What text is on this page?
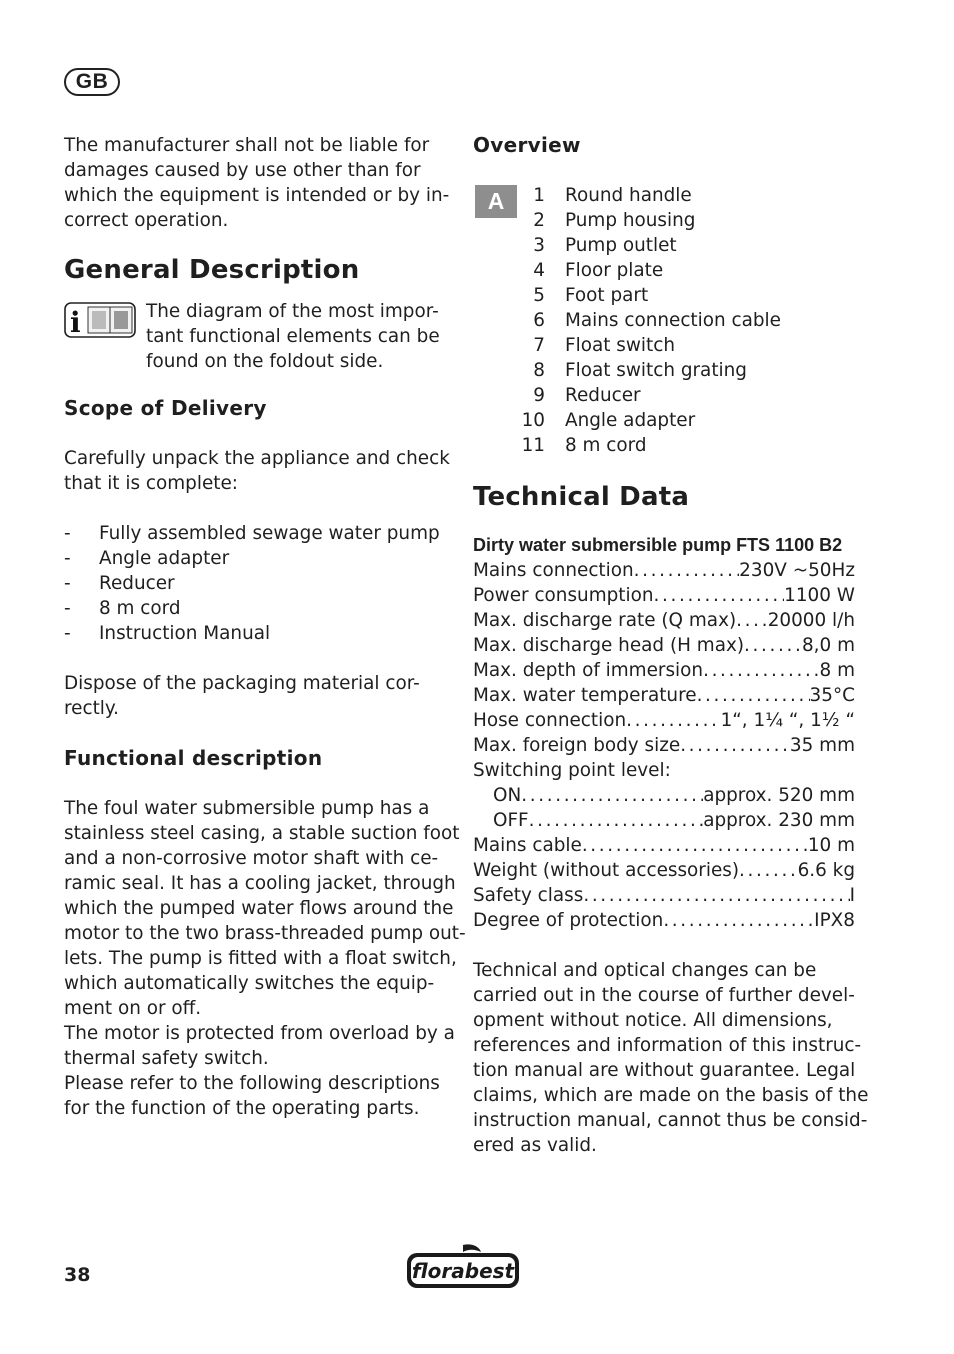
GB

The manufacturer shall not be liable for

damages caused by use other than for

which the equipment is intended or by in-

correct operation.

General Description
i	The diagram of the most impor-

tant functional elements can be

found on the foldout side.

Scope of Delivery

Carefully unpack the appliance and check

that it is complete:

-	Fully assembled sewage water pump
-	Angle adapter
-	Reducer
-	8 m cord
-	Instruction Manual

Dispose of the packaging material cor-

rectly.

Functional description

The foul water submersible pump has a

stainless steel casing, a stable suction foot

and a non-corrosive motor shaft with ce-

ramic seal. It has a cooling jacket, through

which the pumped water flows around the

motor to the two brass-threaded pump out-

lets. The pump is fitted with a float switch,

which automatically switches the equip-

ment on or off.

The motor is protected from overload by a

thermal safety switch.

Please refer to the following descriptions

for the function of the operating parts.

Overview
A	1 Round handle
2 Pump housing
3 Pump outlet
4 Floor plate
5 Foot part
6 Mains connection cable
7 Float switch
8 Float switch grating
9 Reducer
10 Angle adapter
11 8 m cord
Technical Data
Dirty water submersible pump FTS 1100 B2
Mains connection . . .	230V ~50Hz
Power consumption . . .	1100 W
Max. discharge rate (Q max) . . . 20000 l/h
Max. discharge head (H max) . . .	8,0 m
Max. depth of immersion . . .	8 m
Max. water temperature . . .	35°C
Hose connection . . .	1“, 1¼ “, 1½ “
Max. foreign body size . . .	35 mm
Switching point level:
ON . . .	approx. 520 mm
OFF . . .	approx. 230 mm
Mains cable . . .	10 m
Weight (without accessories) . . .	6.6 kg
Safety class . . .	I
Degree of protection . . .	IPX8

Technical and optical changes can be

carried out in the course of further devel-

opment without notice. All dimensions,

references and information of this instruc-

tion manual are without guarantee. Legal

claims, which are made on the basis of the

instruction manual, cannot thus be consid-

ered as valid.

38	florabest
